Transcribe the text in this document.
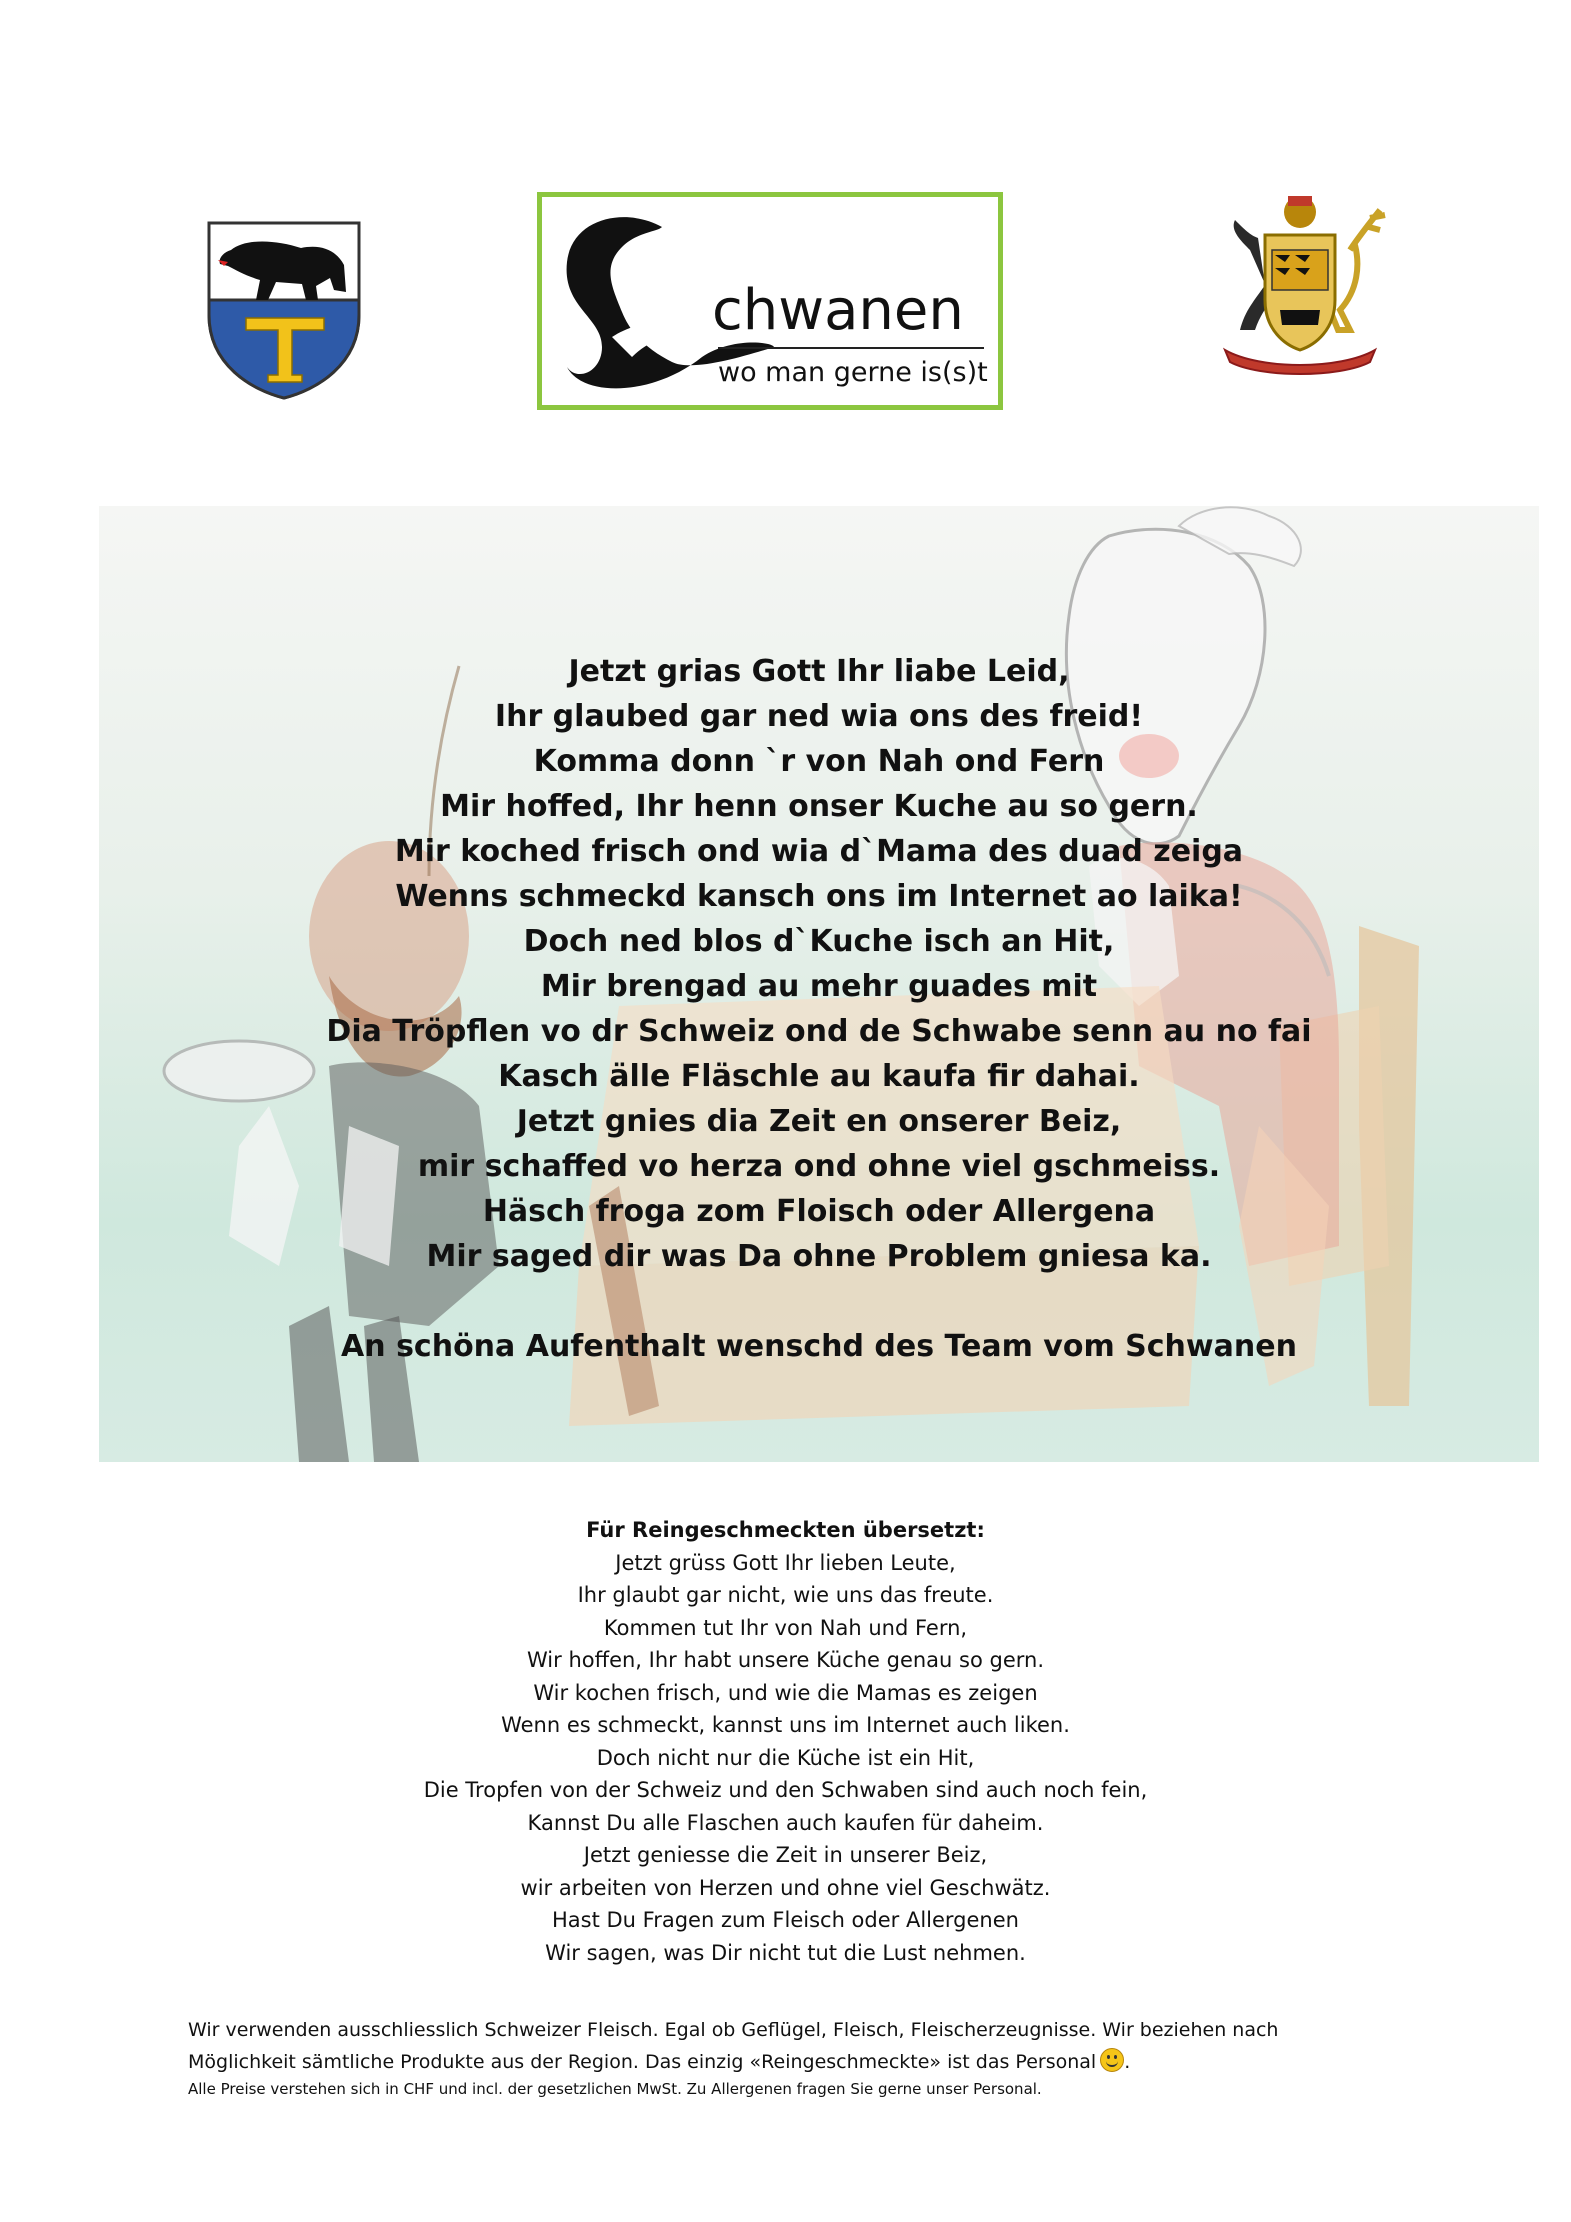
chwanen
wo man gerne is(s)t
Jetzt grias Gott Ihr liabe Leid,
Ihr glaubed gar ned wia ons des freid!
Komma donn `r von Nah ond Fern
Mir hoffed, Ihr henn onser Kuche au so gern.
Mir koched frisch ond wia d`Mama des duad zeiga
Wenns schmeckd kansch ons im Internet ao laika!
Doch ned blos d`Kuche isch an Hit,
Mir brengad au mehr guades mit
Dia Tröpflen vo dr Schweiz ond de Schwabe senn au no fai
Kasch älle Fläschle au kaufa fir dahai.
Jetzt gnies dia Zeit en onserer Beiz,
mir schaffed vo herza ond ohne viel gschmeiss.
Häsch froga zom Floisch oder Allergena
Mir saged dir was Da ohne Problem gniesa ka.
An schöna Aufenthalt wenschd des Team vom Schwanen
Für Reingeschmeckten übersetzt:
Jetzt grüss Gott Ihr lieben Leute,
Ihr glaubt gar nicht, wie uns das freute.
Kommen tut Ihr von Nah und Fern,
Wir hoffen, Ihr habt unsere Küche genau so gern.
Wir kochen frisch, und wie die Mamas es zeigen
Wenn es schmeckt, kannst uns im Internet auch liken.
Doch nicht nur die Küche ist ein Hit,
Die Tropfen von der Schweiz und den Schwaben sind auch noch fein,
Kannst Du alle Flaschen auch kaufen für daheim.
Jetzt geniesse die Zeit in unserer Beiz,
wir arbeiten von Herzen und ohne viel Geschwätz.
Hast Du Fragen zum Fleisch oder Allergenen
Wir sagen, was Dir nicht tut die Lust nehmen.
Wir verwenden ausschliesslich Schweizer Fleisch. Egal ob Geflügel, Fleisch, Fleischerzeugnisse. Wir beziehen nach
Möglichkeit sämtliche Produkte aus der Region. Das einzig «Reingeschmeckte» ist das Personal .
Alle Preise verstehen sich in CHF und incl. der gesetzlichen MwSt. Zu Allergenen fragen Sie gerne unser Personal.
